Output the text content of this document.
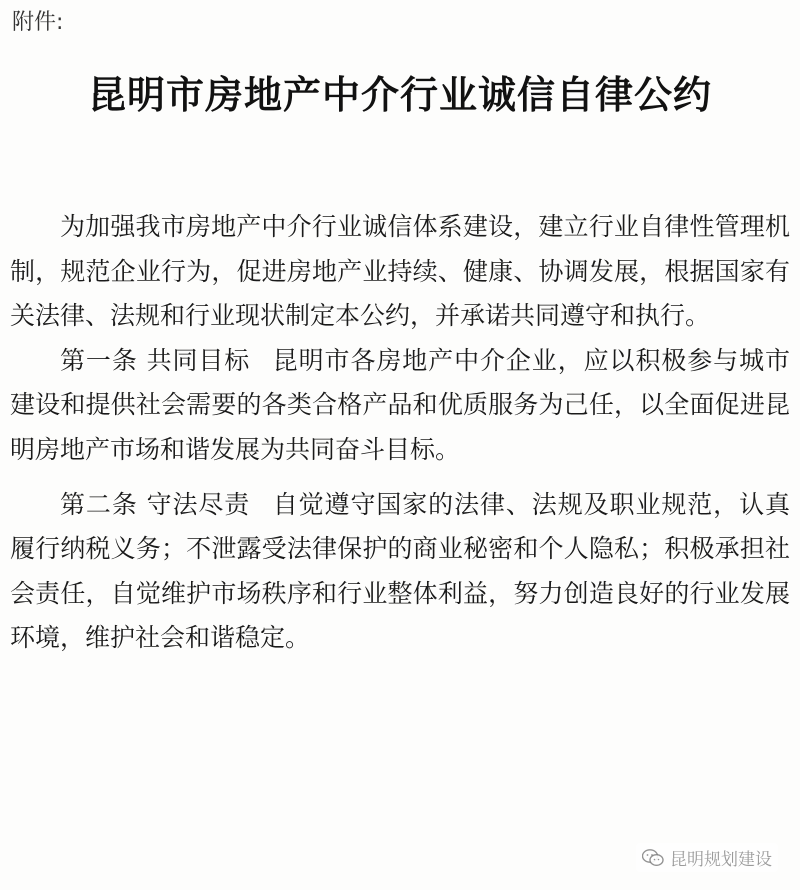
附件:
昆明市房地产中介行业诚信自律公约

为加强我市房地产中介行业诚信体系建设，建立行业自律性管理机制，规范企业行为，促进房地产业持续、健康、协调发展，根据国家有关法律、法规和行业现状制定本公约，并承诺共同遵守和执行。

第一条 共同目标 昆明市各房地产中介企业，应以积极参与城市建设和提供社会需要的各类合格产品和优质服务为己任，以全面促进昆明房地产市场和谐发展为共同奋斗目标。

第二条 守法尽责 自觉遵守国家的法律、法规及职业规范，认真履行纳税义务；不泄露受法律保护的商业秘密和个人隐私；积极承担社会责任，自觉维护市场秩序和行业整体利益，努力创造良好的行业发展环境，维护社会和谐稳定。

昆明规划建设
